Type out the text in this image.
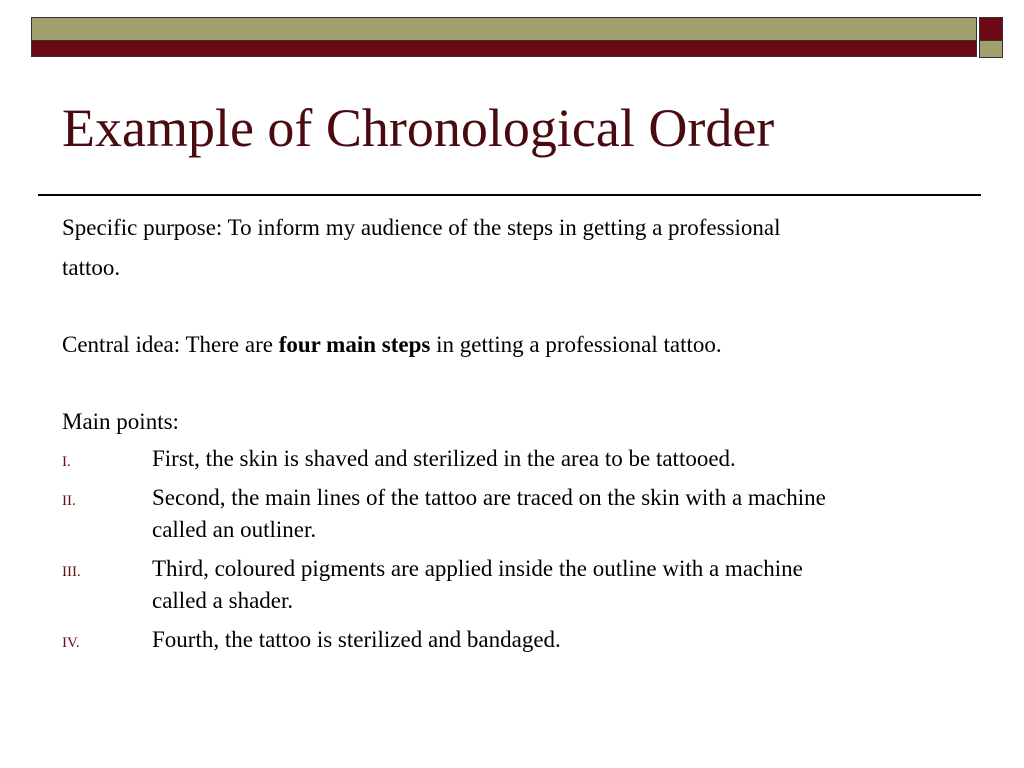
Example of Chronological Order

Specific purpose: To inform my audience of the steps in getting a professional

tattoo.

Central idea: There are four main steps in getting a professional tattoo.

Main points:

I.	First, the skin is shaved and sterilized in the area to be tattooed.
II.	Second, the main lines of the tattoo are traced on the skin with a machine
called an outliner.
III.	Third, coloured pigments are applied inside the outline with a machine
called a shader.
IV.	Fourth, the tattoo is sterilized and bandaged.
